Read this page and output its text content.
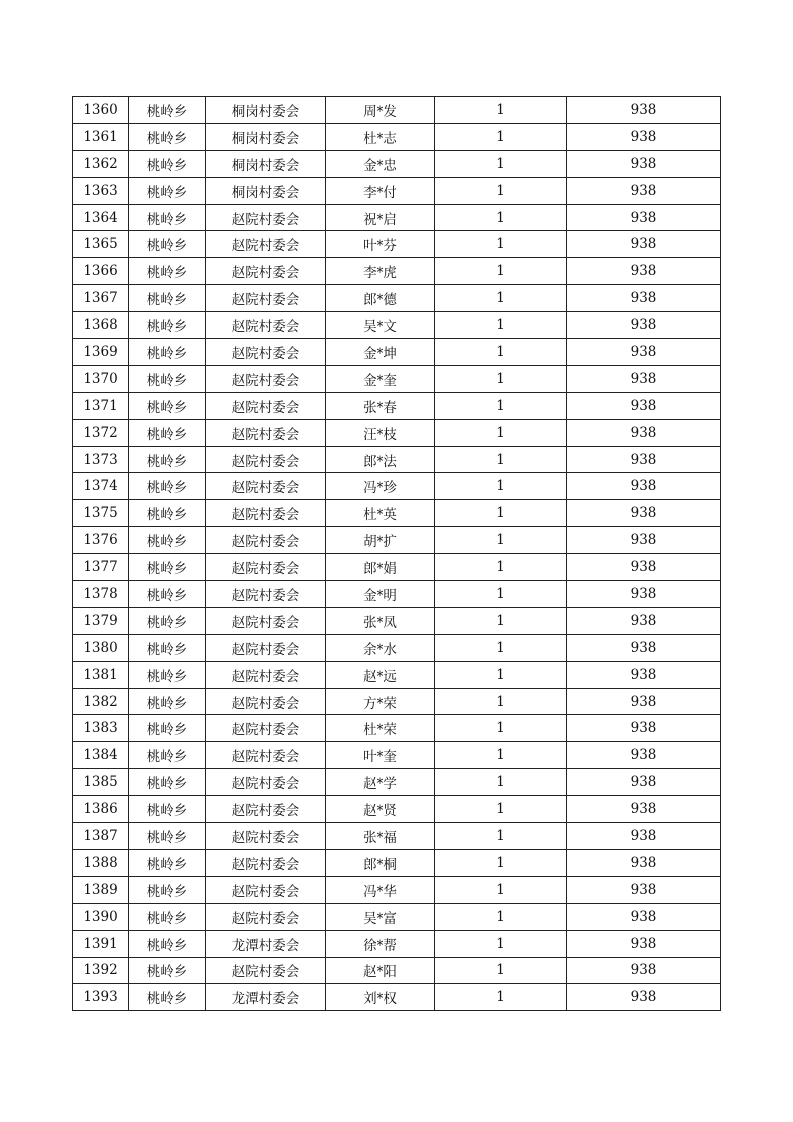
1360	桃岭乡	桐岗村委会	周*发	1	938
1361	桃岭乡	桐岗村委会	杜*志	1	938
1362	桃岭乡	桐岗村委会	金*忠	1	938
1363	桃岭乡	桐岗村委会	李*付	1	938
1364	桃岭乡	赵院村委会	祝*启	1	938
1365	桃岭乡	赵院村委会	叶*芬	1	938
1366	桃岭乡	赵院村委会	李*虎	1	938
1367	桃岭乡	赵院村委会	郎*德	1	938
1368	桃岭乡	赵院村委会	吴*文	1	938
1369	桃岭乡	赵院村委会	金*坤	1	938
1370	桃岭乡	赵院村委会	金*奎	1	938
1371	桃岭乡	赵院村委会	张*春	1	938
1372	桃岭乡	赵院村委会	汪*枝	1	938
1373	桃岭乡	赵院村委会	郎*法	1	938
1374	桃岭乡	赵院村委会	冯*珍	1	938
1375	桃岭乡	赵院村委会	杜*英	1	938
1376	桃岭乡	赵院村委会	胡*扩	1	938
1377	桃岭乡	赵院村委会	郎*娟	1	938
1378	桃岭乡	赵院村委会	金*明	1	938
1379	桃岭乡	赵院村委会	张*凤	1	938
1380	桃岭乡	赵院村委会	余*水	1	938
1381	桃岭乡	赵院村委会	赵*远	1	938
1382	桃岭乡	赵院村委会	方*荣	1	938
1383	桃岭乡	赵院村委会	杜*荣	1	938
1384	桃岭乡	赵院村委会	叶*奎	1	938
1385	桃岭乡	赵院村委会	赵*学	1	938
1386	桃岭乡	赵院村委会	赵*贤	1	938
1387	桃岭乡	赵院村委会	张*福	1	938
1388	桃岭乡	赵院村委会	郎*桐	1	938
1389	桃岭乡	赵院村委会	冯*华	1	938
1390	桃岭乡	赵院村委会	吴*富	1	938
1391	桃岭乡	龙潭村委会	徐*帮	1	938
1392	桃岭乡	赵院村委会	赵*阳	1	938
1393	桃岭乡	龙潭村委会	刘*权	1	938
